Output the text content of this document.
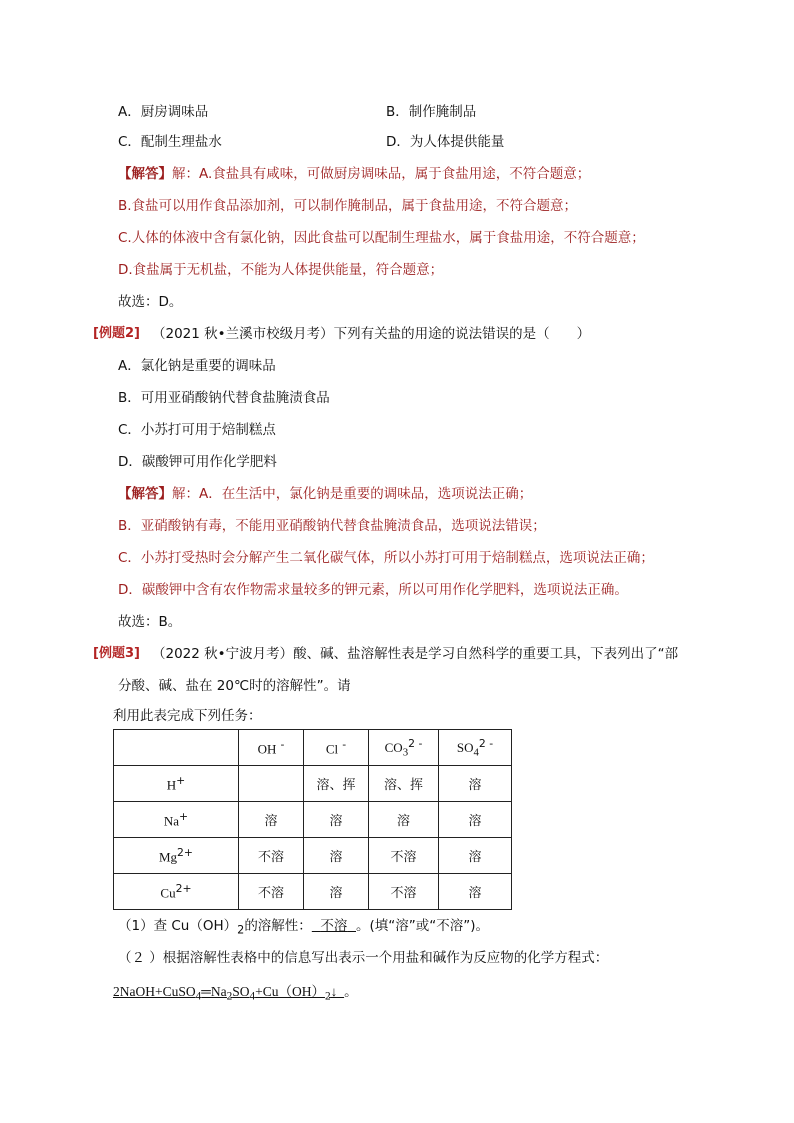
A．厨房调味品	B．制作腌制品
C．配制生理盐水	D．为人体提供能量
【解答】解：A.食盐具有咸味，可做厨房调味品，属于食盐用途，不符合题意；
B.食盐可以用作食品添加剂，可以制作腌制品，属于食盐用途，不符合题意；
C.人体的体液中含有氯化钠，因此食盐可以配制生理盐水，属于食盐用途，不符合题意；
D.食盐属于无机盐，不能为人体提供能量，符合题意；
故选：D。
[例题2] （2021 秋•兰溪市校级月考）下列有关盐的用途的说法错误的是（　　）
A．氯化钠是重要的调味品
B．可用亚硝酸钠代替食盐腌渍食品
C．小苏打可用于焙制糕点
D．碳酸钾可用作化学肥料
【解答】解：A．在生活中，氯化钠是重要的调味品，选项说法正确；
B．亚硝酸钠有毒，不能用亚硝酸钠代替食盐腌渍食品，选项说法错误；
C．小苏打受热时会分解产生二氧化碳气体，所以小苏打可用于焙制糕点，选项说法正确；
D．碳酸钾中含有农作物需求量较多的钾元素，所以可用作化学肥料，选项说法正确。
故选：B。
[例题3] （2022 秋•宁波月考）酸、碱、盐溶解性表是学习自然科学的重要工具，下表列出了“部
分酸、碱、盐在 20℃时的溶解性”。请
利用此表完成下列任务：
	OH -	Cl -	$CO_3^{2 -}$	$SO_4^{2 -}$
H+		溶、挥	溶、挥	溶
Na+	溶	溶	溶	溶
$Mg^{2+}$	不溶	溶	不溶	溶
$Cu^{2+}$	不溶	溶	不溶	溶
（1）查 $Cu(OH)_2$的溶解性： 不溶 。(填“溶”或“不溶”)。
（２ ）根据溶解性表格中的信息写出表示一个用盐和碱作为反应物的化学方程式：
$2NaOH+CuSO_4═Na_2SO_4+Cu(OH)_2↓$  。
